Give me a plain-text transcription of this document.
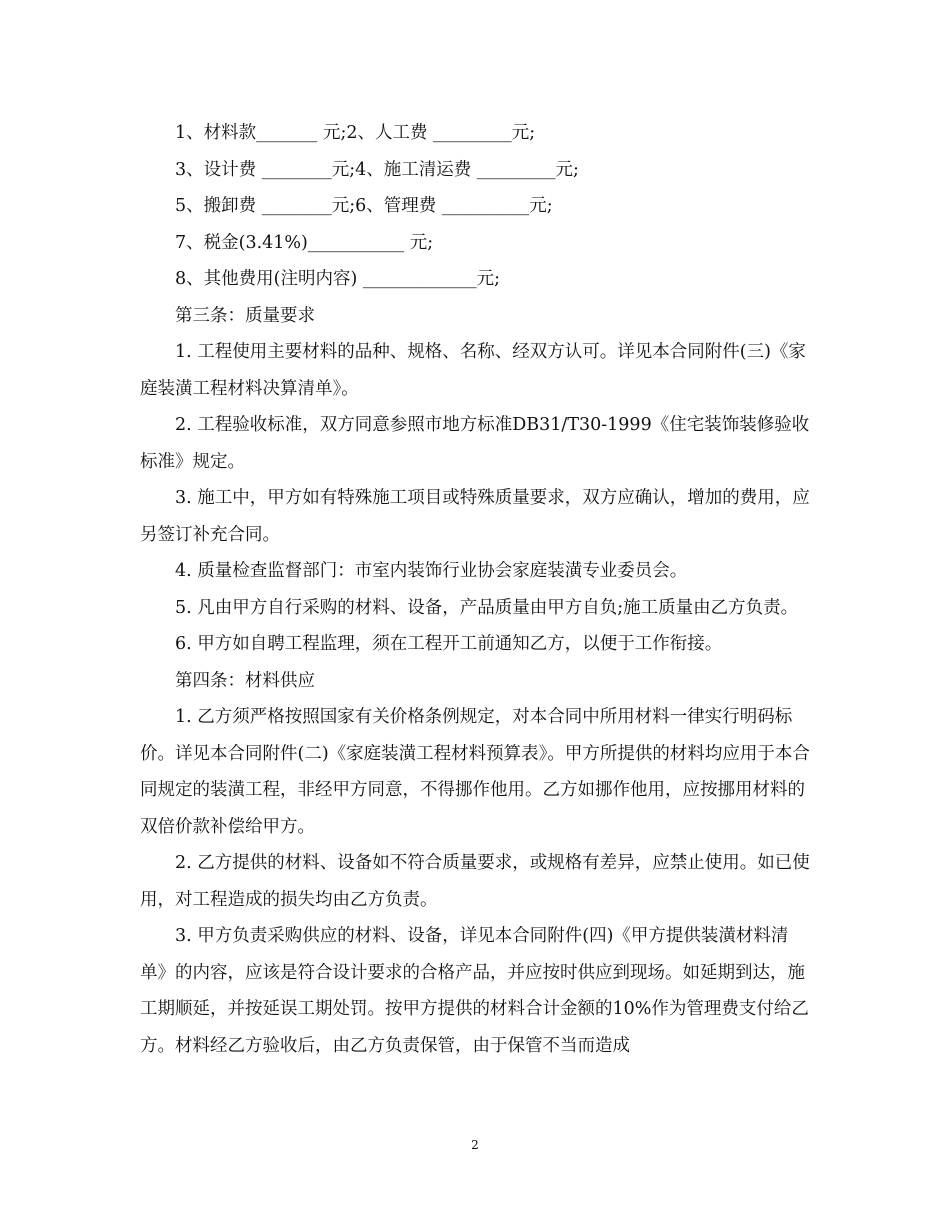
1、材料款_______ 元;2、人工费 _________元;

3、设计费 ________元;4、施工清运费 _________元;

5、搬卸费 ________元;6、管理费 __________元;

7、税金(3.41%)___________ 元;

8、其他费用(注明内容) _____________元;

第三条：质量要求

1. 工程使用主要材料的品种、规格、名称、经双方认可。详见本合同附件(三)《家庭装潢工程材料决算清单》。

2. 工程验收标准，双方同意参照市地方标准DB31/T30-1999《住宅装饰装修验收标准》规定。

3. 施工中，甲方如有特殊施工项目或特殊质量要求，双方应确认，增加的费用，应另签订补充合同。

4. 质量检查监督部门：市室内装饰行业协会家庭装潢专业委员会。

5. 凡由甲方自行采购的材料、设备，产品质量由甲方自负;施工质量由乙方负责。

6. 甲方如自聘工程监理，须在工程开工前通知乙方，以便于工作衔接。

第四条：材料供应

1. 乙方须严格按照国家有关价格条例规定，对本合同中所用材料一律实行明码标价。详见本合同附件(二)《家庭装潢工程材料预算表》。甲方所提供的材料均应用于本合同规定的装潢工程，非经甲方同意，不得挪作他用。乙方如挪作他用，应按挪用材料的双倍价款补偿给甲方。

2. 乙方提供的材料、设备如不符合质量要求，或规格有差异，应禁止使用。如已使用，对工程造成的损失均由乙方负责。

3. 甲方负责采购供应的材料、设备，详见本合同附件(四)《甲方提供装潢材料清单》的内容，应该是符合设计要求的合格产品，并应按时供应到现场。如延期到达，施工期顺延，并按延误工期处罚。按甲方提供的材料合计金额的10%作为管理费支付给乙方。材料经乙方验收后，由乙方负责保管，由于保管不当而造成

2
